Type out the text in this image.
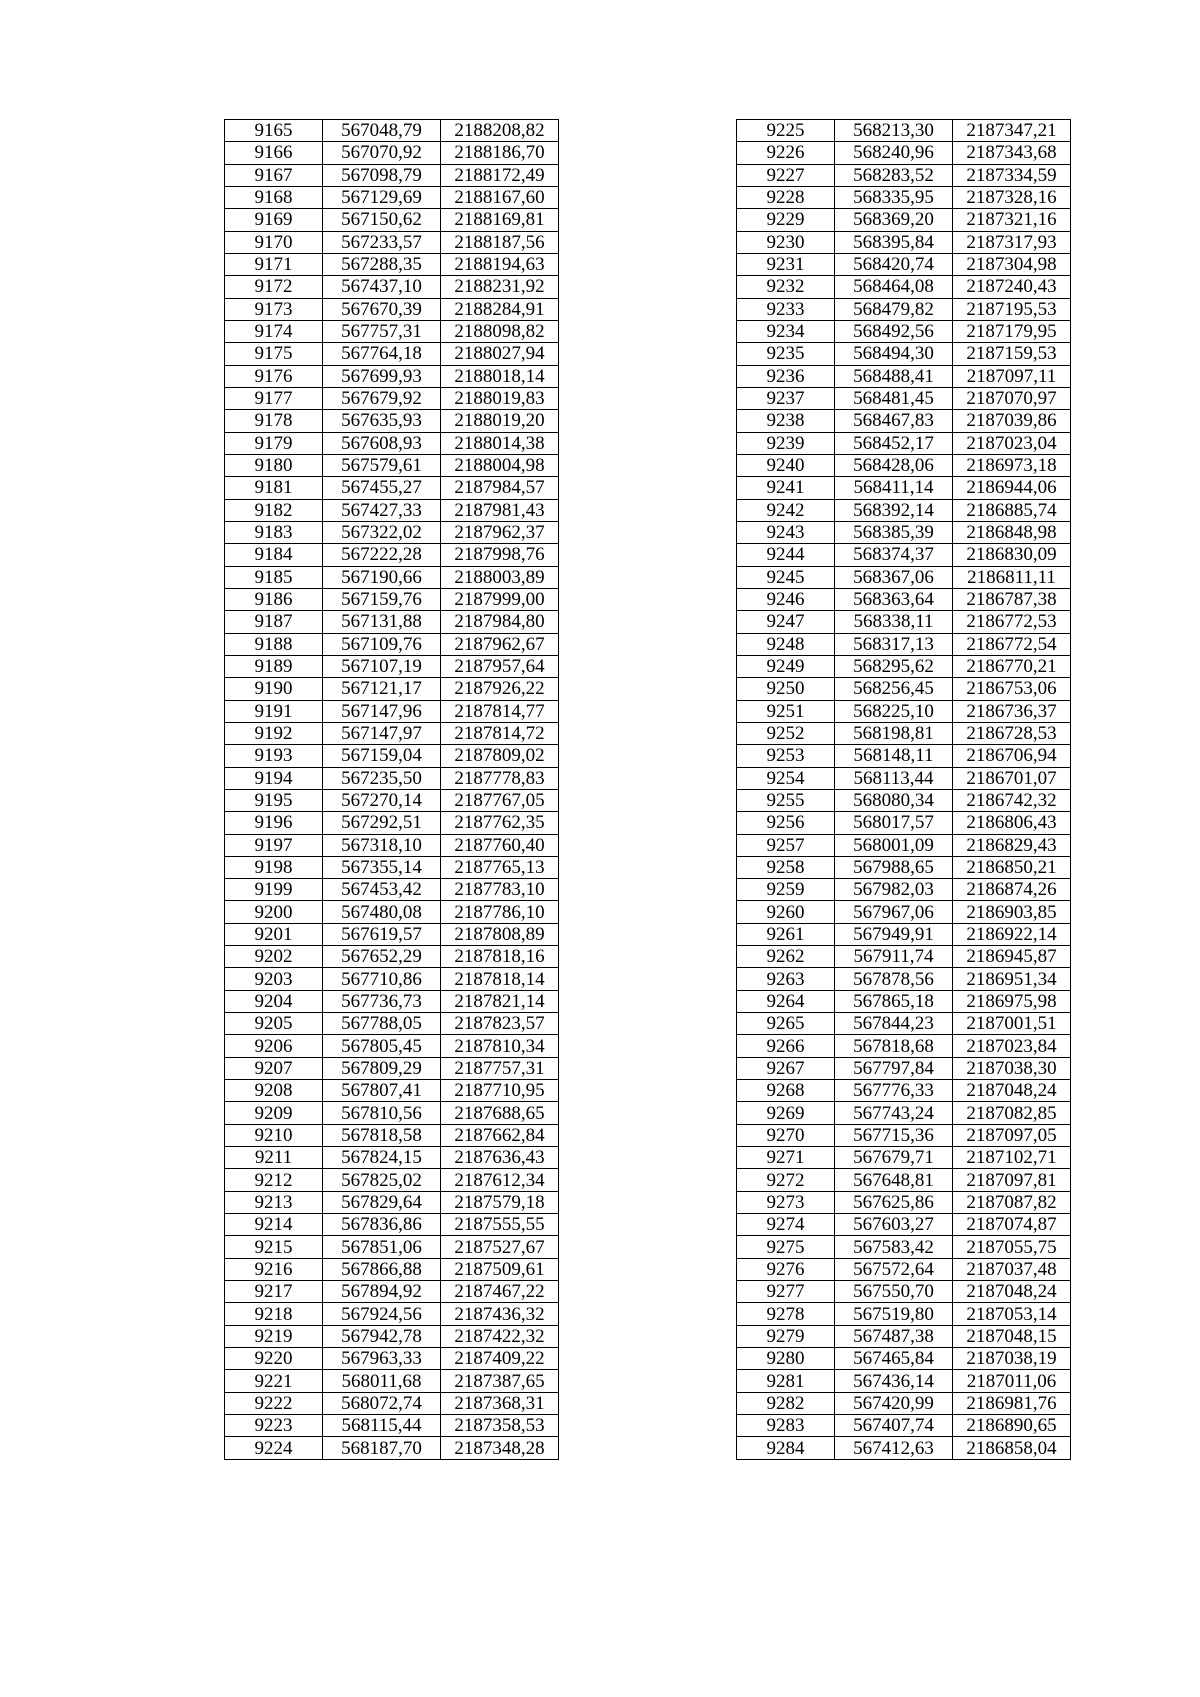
9165	567048,79	2188208,82
9166	567070,92	2188186,70
9167	567098,79	2188172,49
9168	567129,69	2188167,60
9169	567150,62	2188169,81
9170	567233,57	2188187,56
9171	567288,35	2188194,63
9172	567437,10	2188231,92
9173	567670,39	2188284,91
9174	567757,31	2188098,82
9175	567764,18	2188027,94
9176	567699,93	2188018,14
9177	567679,92	2188019,83
9178	567635,93	2188019,20
9179	567608,93	2188014,38
9180	567579,61	2188004,98
9181	567455,27	2187984,57
9182	567427,33	2187981,43
9183	567322,02	2187962,37
9184	567222,28	2187998,76
9185	567190,66	2188003,89
9186	567159,76	2187999,00
9187	567131,88	2187984,80
9188	567109,76	2187962,67
9189	567107,19	2187957,64
9190	567121,17	2187926,22
9191	567147,96	2187814,77
9192	567147,97	2187814,72
9193	567159,04	2187809,02
9194	567235,50	2187778,83
9195	567270,14	2187767,05
9196	567292,51	2187762,35
9197	567318,10	2187760,40
9198	567355,14	2187765,13
9199	567453,42	2187783,10
9200	567480,08	2187786,10
9201	567619,57	2187808,89
9202	567652,29	2187818,16
9203	567710,86	2187818,14
9204	567736,73	2187821,14
9205	567788,05	2187823,57
9206	567805,45	2187810,34
9207	567809,29	2187757,31
9208	567807,41	2187710,95
9209	567810,56	2187688,65
9210	567818,58	2187662,84
9211	567824,15	2187636,43
9212	567825,02	2187612,34
9213	567829,64	2187579,18
9214	567836,86	2187555,55
9215	567851,06	2187527,67
9216	567866,88	2187509,61
9217	567894,92	2187467,22
9218	567924,56	2187436,32
9219	567942,78	2187422,32
9220	567963,33	2187409,22
9221	568011,68	2187387,65
9222	568072,74	2187368,31
9223	568115,44	2187358,53
9224	568187,70	2187348,28
9225	568213,30	2187347,21
9226	568240,96	2187343,68
9227	568283,52	2187334,59
9228	568335,95	2187328,16
9229	568369,20	2187321,16
9230	568395,84	2187317,93
9231	568420,74	2187304,98
9232	568464,08	2187240,43
9233	568479,82	2187195,53
9234	568492,56	2187179,95
9235	568494,30	2187159,53
9236	568488,41	2187097,11
9237	568481,45	2187070,97
9238	568467,83	2187039,86
9239	568452,17	2187023,04
9240	568428,06	2186973,18
9241	568411,14	2186944,06
9242	568392,14	2186885,74
9243	568385,39	2186848,98
9244	568374,37	2186830,09
9245	568367,06	2186811,11
9246	568363,64	2186787,38
9247	568338,11	2186772,53
9248	568317,13	2186772,54
9249	568295,62	2186770,21
9250	568256,45	2186753,06
9251	568225,10	2186736,37
9252	568198,81	2186728,53
9253	568148,11	2186706,94
9254	568113,44	2186701,07
9255	568080,34	2186742,32
9256	568017,57	2186806,43
9257	568001,09	2186829,43
9258	567988,65	2186850,21
9259	567982,03	2186874,26
9260	567967,06	2186903,85
9261	567949,91	2186922,14
9262	567911,74	2186945,87
9263	567878,56	2186951,34
9264	567865,18	2186975,98
9265	567844,23	2187001,51
9266	567818,68	2187023,84
9267	567797,84	2187038,30
9268	567776,33	2187048,24
9269	567743,24	2187082,85
9270	567715,36	2187097,05
9271	567679,71	2187102,71
9272	567648,81	2187097,81
9273	567625,86	2187087,82
9274	567603,27	2187074,87
9275	567583,42	2187055,75
9276	567572,64	2187037,48
9277	567550,70	2187048,24
9278	567519,80	2187053,14
9279	567487,38	2187048,15
9280	567465,84	2187038,19
9281	567436,14	2187011,06
9282	567420,99	2186981,76
9283	567407,74	2186890,65
9284	567412,63	2186858,04
